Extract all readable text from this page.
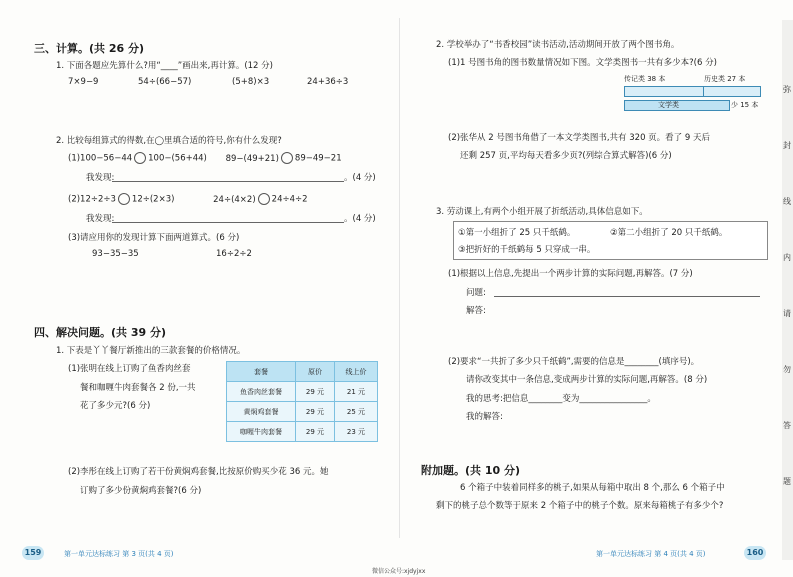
三、计算。(共 26 分)
1. 下面各题应先算什么?用“____”画出来,再计算。(12 分)
7×9−9	54÷(66−57)	(5+8)×3	24+36÷3
2. 比较每组算式的得数,在◯里填合适的符号,你有什么发现?
(1)100−56−44 100−(56+44) 89−(49+21) 89−49−21
我发现:	。(4 分)
(2)12÷2÷3 12÷(2×3)	24÷(4×2) 24÷4÷2
我发现:	。(4 分)
(3)请应用你的发现计算下面两道算式。(6 分)
93−35−35	16÷2÷2
四、解决问题。(共 39 分)
1. 下表是丫丫餐厅新推出的三款套餐的价格情况。
(1)张明在线上订购了鱼香肉丝套
餐和咖喱牛肉套餐各 2 份,一共
花了多少元?(6 分)
套餐	原价	线上价
鱼香肉丝套餐	29 元	21 元
黄焖鸡套餐	29 元	25 元
咖喱牛肉套餐	29 元	23 元
(2)李彤在线上订购了若干份黄焖鸡套餐,比按原价购买少花 36 元。她
订购了多少份黄焖鸡套餐?(6 分)
159	第一单元达标练习 第 3 页(共 4 页)
2. 学校举办了“书香校园”读书活动,活动期间开放了两个图书角。
(1)1 号图书角的图书数量情况如下图。文学类图书一共有多少本?(6 分)
传记类 38 本	历史类 27 本
文学类	少 15 本
(2)张华从 2 号图书角借了一本文学类图书,共有 320 页。看了 9 天后
还剩 257 页,平均每天看多少页?(列综合算式解答)(6 分)
3. 劳动课上,有两个小组开展了折纸活动,具体信息如下。
①第一小组折了 25 只千纸鹤。	②第二小组折了 20 只千纸鹤。
③把折好的千纸鹤每 5 只穿成一串。
(1)根据以上信息,先提出一个两步计算的实际问题,再解答。(7 分)
问题:
解答:
(2)要求“一共折了多少只千纸鹤”,需要的信息是________(填序号)。
请你改变其中一条信息,变成两步计算的实际问题,再解答。(8 分)
我的思考:把信息________变为________________。
我的解答:
附加题。(共 10 分)
6 个箱子中装着同样多的桃子,如果从每箱中取出 8 个,那么 6 个箱子中
剩下的桃子总个数等于原来 2 个箱子中的桃子个数。原来每箱桃子有多少个?
第一单元达标练习 第 4 页(共 4 页)	160
微信公众号:xjdyjxx
弥
封
线
内
请
勿
答
题
